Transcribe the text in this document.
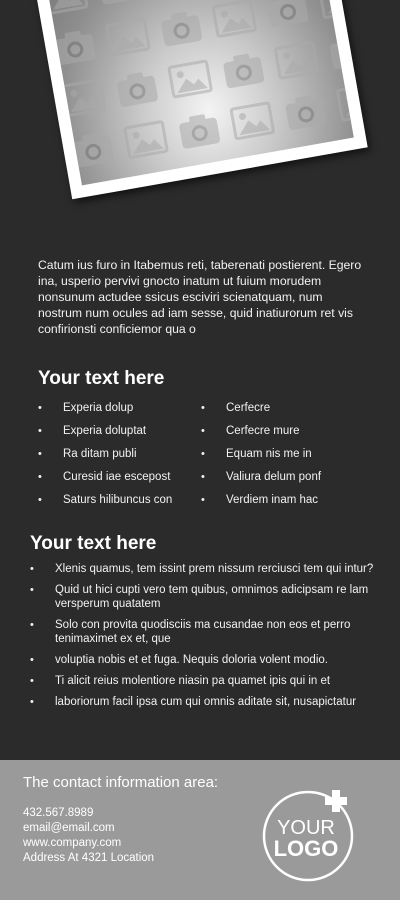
Catum ius furo in Itabemus reti, taberenati postierent. Egero ina, usperio pervivi gnocto inatum ut fuium morudem nonsunum actudee ssicus esciviri scienatquam, num nostrum num ocules ad iam sesse, quid inatiurorum ret vis confirionsti conficiemor qua o
Your text here
• Experia dolup
• Experia doluptat
• Ra ditam publi
• Curesid iae escepost
• Saturs hilibuncus con
• Cerfecre
• Cerfecre mure
• Equam nis me in
• Valiura delum ponf
• Verdiem inam hac
Your text here
• Xlenis quamus, tem issint prem nissum rerciusci tem qui intur?
• Quid ut hici cupti vero tem quibus, omnimos adicipsam re lam versperum quatatem
• Solo con provita quodisciis ma cusandae non eos et perro tenimaximet ex et, que
• voluptia nobis et et fuga. Nequis doloria volent modio.
• Ti alicit reius molentiore niasin pa quamet ipis qui in et
• laboriorum facil ipsa cum qui omnis aditate sit, nusapictatur
The contact information area:
432.567.8989
email@email.com
www.company.com
Address At 4321 Location
YOUR
LOGO
